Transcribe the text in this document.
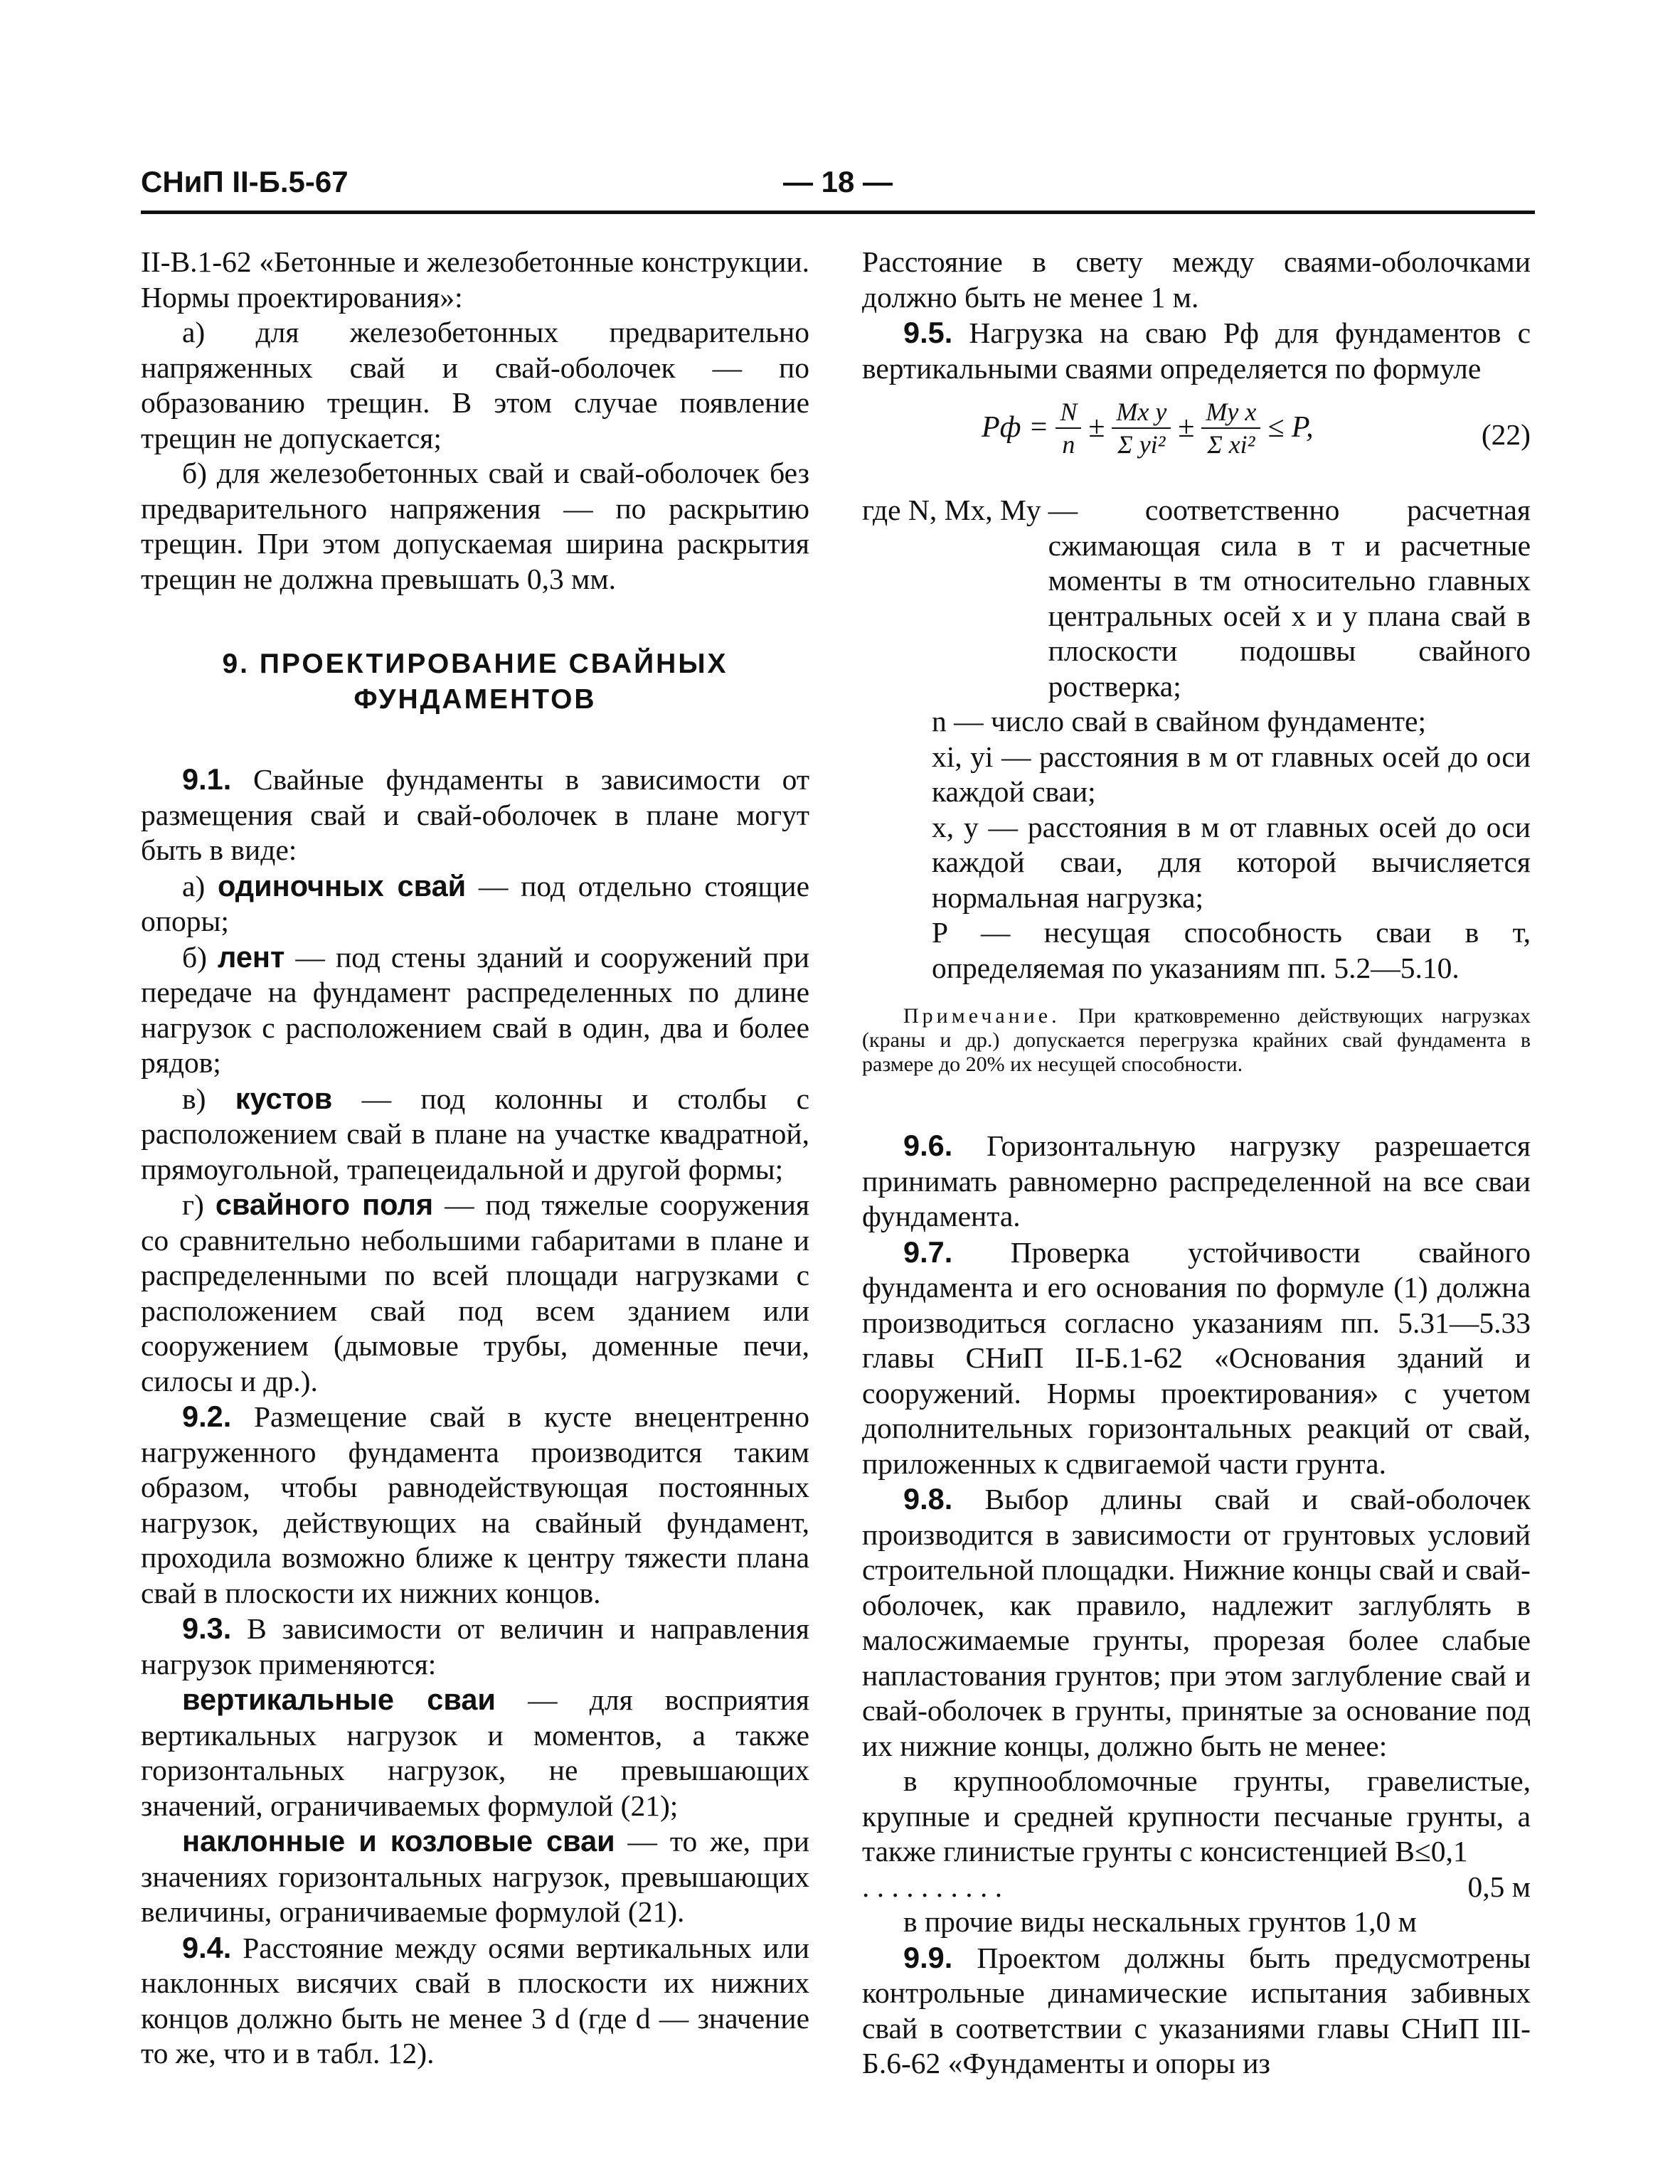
СНиП II-Б.5-67	— 18 —

II-В.1-62 «Бетонные и железобетонные конструкции. Нормы проектирования»:

а) для железобетонных предварительно напряженных свай и свай-оболочек — по образованию трещин. В этом случае появление трещин не допускается;

б) для железобетонных свай и свай-оболочек без предварительного напряжения — по раскрытию трещин. При этом допускаемая ширина раскрытия трещин не должна превышать 0,3 мм.

9. ПРОЕКТИРОВАНИЕ СВАЙНЫХ ФУНДАМЕНТОВ

9.1. Свайные фундаменты в зависимости от размещения свай и свай-оболочек в плане могут быть в виде:

а) одиночных свай — под отдельно стоящие опоры;

б) лент — под стены зданий и сооружений при передаче на фундамент распределенных по длине нагрузок с расположением свай в один, два и более рядов;

в) кустов — под колонны и столбы с расположением свай в плане на участке квадратной, прямоугольной, трапецеидальной и другой формы;

г) свайного поля — под тяжелые сооружения со сравнительно небольшими габаритами в плане и распределенными по всей площади нагрузками с расположением свай под всем зданием или сооружением (дымовые трубы, доменные печи, силосы и др.).

9.2. Размещение свай в кусте внецентренно нагруженного фундамента производится таким образом, чтобы равнодействующая постоянных нагрузок, действующих на свайный фундамент, проходила возможно ближе к центру тяжести плана свай в плоскости их нижних концов.

9.3. В зависимости от величин и направления нагрузок применяются:

вертикальные сваи — для восприятия вертикальных нагрузок и моментов, а также горизонтальных нагрузок, не превышающих значений, ограничиваемых формулой (21);

наклонные и козловые сваи — то же, при значениях горизонтальных нагрузок, превышающих величины, ограничиваемые формулой (21).

9.4. Расстояние между осями вертикальных или наклонных висячих свай в плоскости их нижних концов должно быть не менее 3 d (где d — значение то же, что и в табл. 12).

Расстояние в свету между сваями-оболочками должно быть не менее 1 м.

9.5. Нагрузка на сваю Pф для фундаментов с вертикальными сваями определяется по формуле

Pф = $\frac{N}{n} \pm \frac{\text{Mx y}}{\text{Σ yi²}} \pm \frac{\text{My x}}{\text{Σ xi²}} \le P$,	(22)
где N, Mx, My — соответственно расчетная сжимающая сила в т и расчетные моменты в тм относительно главных центральных осей x и y плана свай в плоскости подошвы свайного ростверка;
n — число свай в свайном фундаменте;
xi, yi — расстояния в м от главных осей до оси каждой сваи;
x, y — расстояния в м от главных осей до оси каждой сваи, для которой вычисляется нормальная нагрузка;
P — несущая способность сваи в т, определяемая по указаниям пп. 5.2—5.10.

Примечание. При кратковременно действующих нагрузках (краны и др.) допускается перегрузка крайних свай фундамента в размере до 20% их несущей способности.

9.6. Горизонтальную нагрузку разрешается принимать равномерно распределенной на все сваи фундамента.

9.7. Проверка устойчивости свайного фундамента и его основания по формуле (1) должна производиться согласно указаниям пп. 5.31—5.33 главы СНиП II-Б.1-62 «Основания зданий и сооружений. Нормы проектирования» с учетом дополнительных горизонтальных реакций от свай, приложенных к сдвигаемой части грунта.

9.8. Выбор длины свай и свай-оболочек производится в зависимости от грунтовых условий строительной площадки. Нижние концы свай и свай-оболочек, как правило, надлежит заглублять в малосжимаемые грунты, прорезая более слабые напластования грунтов; при этом заглубление свай и свай-оболочек в грунты, принятые за основание под их нижние концы, должно быть не менее:

в крупнообломочные грунты, гравелистые, крупные и средней крупности песчаные грунты, а также глинистые грунты с консистенцией B≤0,1

. . . . . . . . . .	0,5 м

в прочие виды нескальных грунтов 1,0 м

9.9. Проектом должны быть предусмотрены контрольные динамические испытания забивных свай в соответствии с указаниями главы СНиП III-Б.6-62 «Фундаменты и опоры из
